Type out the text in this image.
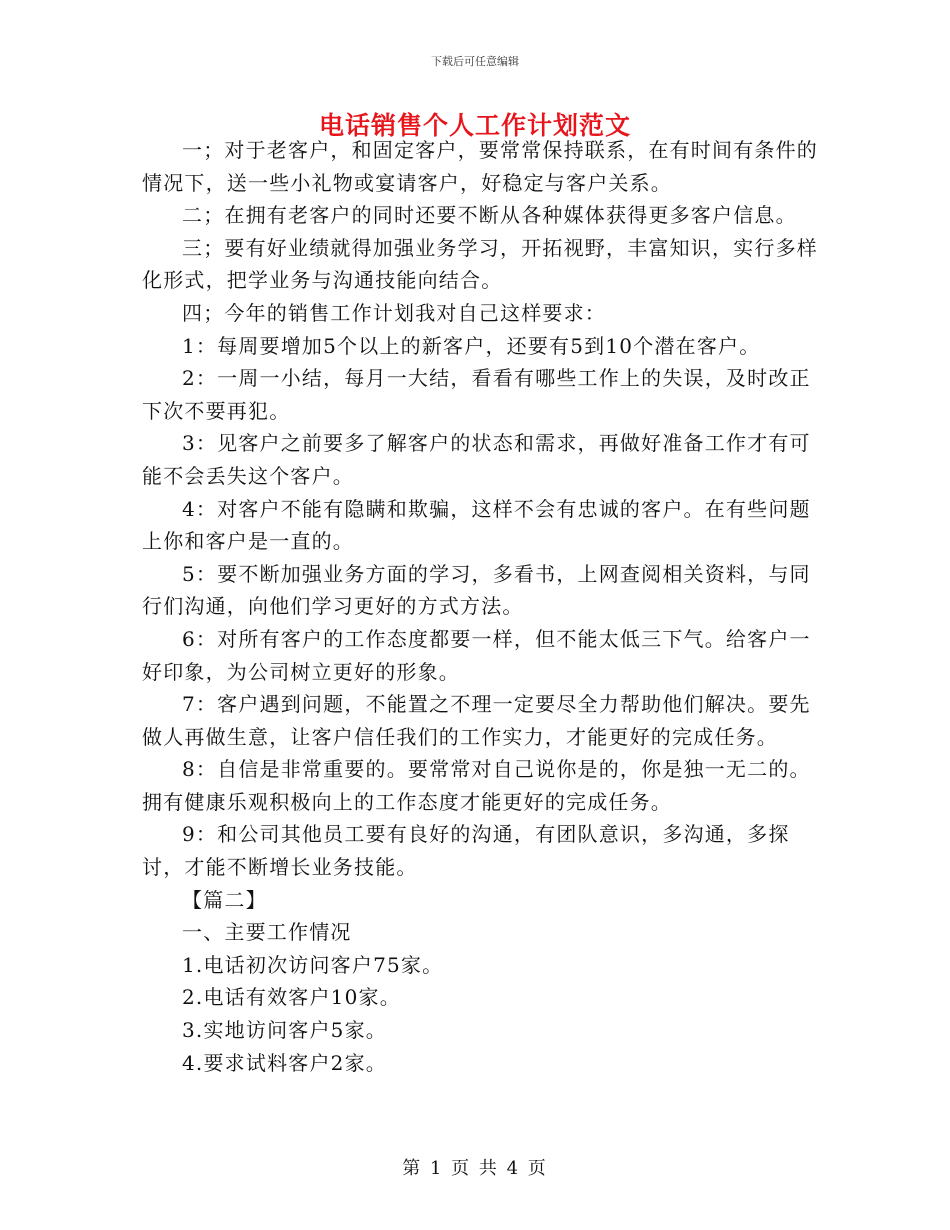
下载后可任意编辑
电话销售个人工作计划范文

一；对于老客户，和固定客户，要常常保持联系，在有时间有条件的情况下，送一些小礼物或宴请客户，好稳定与客户关系。

二；在拥有老客户的同时还要不断从各种媒体获得更多客户信息。

三；要有好业绩就得加强业务学习，开拓视野，丰富知识，实行多样化形式，把学业务与沟通技能向结合。

四；今年的销售工作计划我对自己这样要求：

1：每周要增加5个以上的新客户，还要有5到10个潜在客户。

2：一周一小结，每月一大结，看看有哪些工作上的失误，及时改正下次不要再犯。

3：见客户之前要多了解客户的状态和需求，再做好准备工作才有可能不会丢失这个客户。

4：对客户不能有隐瞒和欺骗，这样不会有忠诚的客户。在有些问题上你和客户是一直的。

5：要不断加强业务方面的学习，多看书，上网查阅相关资料，与同行们沟通，向他们学习更好的方式方法。

6：对所有客户的工作态度都要一样，但不能太低三下气。给客户一好印象，为公司树立更好的形象。

7：客户遇到问题，不能置之不理一定要尽全力帮助他们解决。要先做人再做生意，让客户信任我们的工作实力，才能更好的完成任务。

8：自信是非常重要的。要常常对自己说你是的，你是独一无二的。拥有健康乐观积极向上的工作态度才能更好的完成任务。

9：和公司其他员工要有良好的沟通，有团队意识，多沟通，多探讨，才能不断增长业务技能。

【篇二】

一、主要工作情况

1.电话初次访问客户75家。

2.电话有效客户10家。

3.实地访问客户5家。

4.要求试料客户2家。

第 1 页 共 4 页
